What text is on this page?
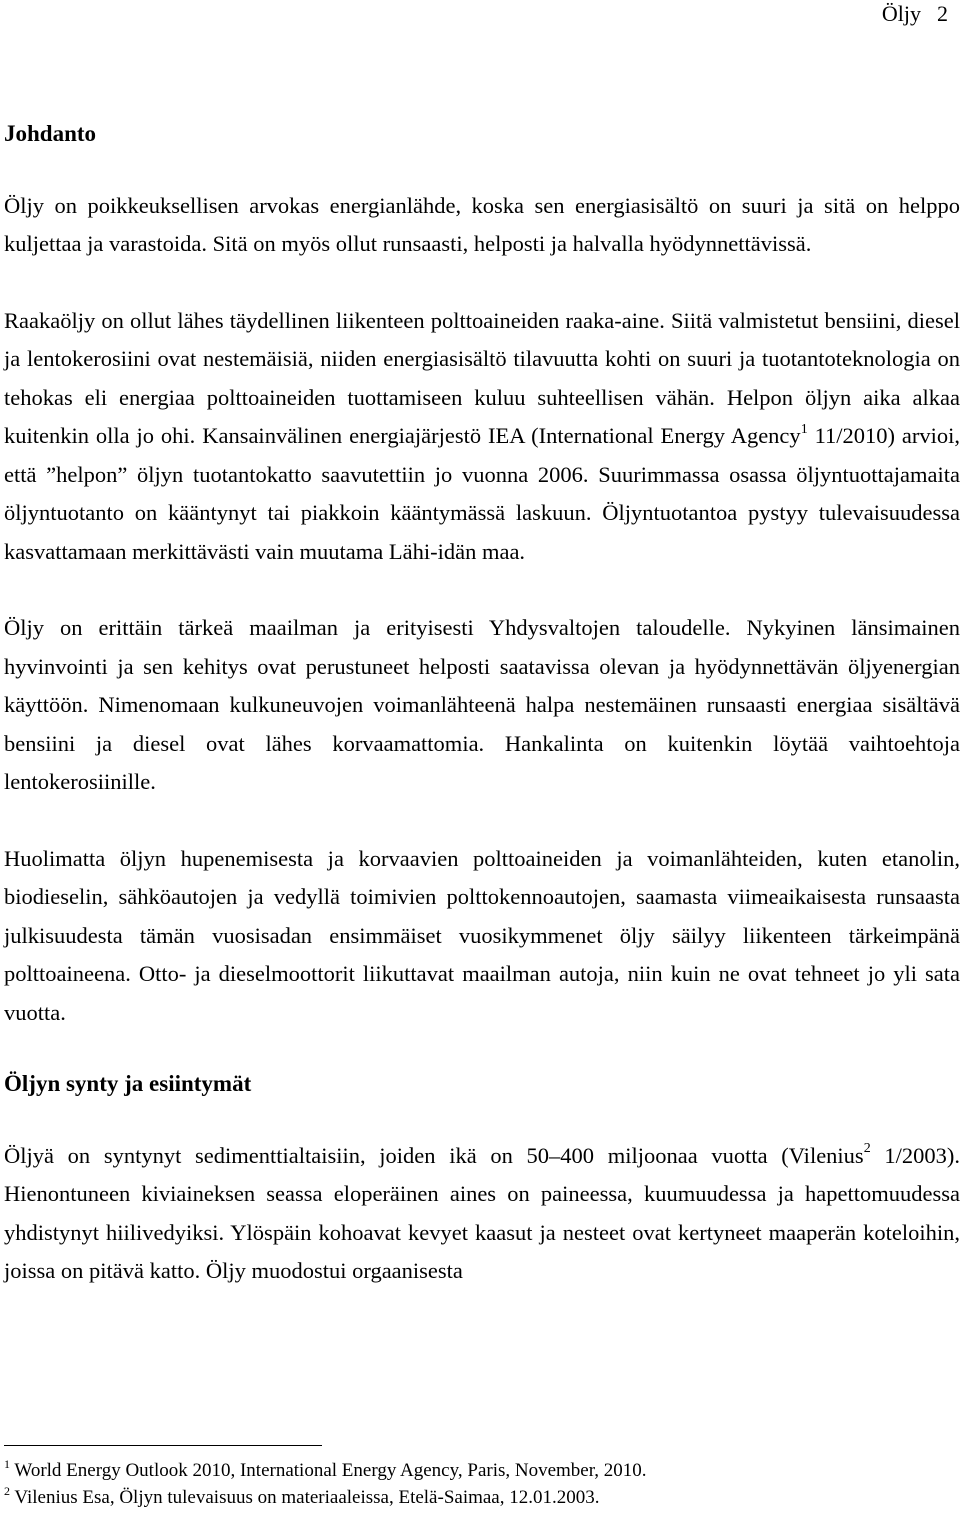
Öljy 2
Johdanto

Öljy on poikkeuksellisen arvokas energianlähde, koska sen energiasisältö on suuri ja sitä on helppo kuljettaa ja varastoida. Sitä on myös ollut runsaasti, helposti ja halvalla hyödynnettävissä.

Raakaöljy on ollut lähes täydellinen liikenteen polttoaineiden raaka-aine. Siitä valmistetut bensiini, diesel ja lentokerosiini ovat nestemäisiä, niiden energiasisältö tilavuutta kohti on suuri ja tuotantoteknologia on tehokas eli energiaa polttoaineiden tuottamiseen kuluu suhteellisen vähän. Helpon öljyn aika alkaa kuitenkin olla jo ohi. Kansainvälinen energiajärjestö IEA (International Energy Agency$^1$ 11/2010) arvioi, että ”helpon” öljyn tuotantokatto saavutettiin jo vuonna 2006. Suurimmassa osassa öljyntuottajamaita öljyntuotanto on kääntynyt tai piakkoin kääntymässä laskuun. Öljyntuotantoa pystyy tulevaisuudessa kasvattamaan merkittävästi vain muutama Lähi-idän maa.

Öljy on erittäin tärkeä maailman ja erityisesti Yhdysvaltojen taloudelle. Nykyinen länsimainen hyvinvointi ja sen kehitys ovat perustuneet helposti saatavissa olevan ja hyödynnettävän öljyenergian käyttöön. Nimenomaan kulkuneuvojen voimanlähteenä halpa nestemäinen runsaasti energiaa sisältävä bensiini ja diesel ovat lähes korvaamattomia. Hankalinta on kuitenkin löytää vaihtoehtoja lentokerosiinille.

Huolimatta öljyn hupenemisesta ja korvaavien polttoaineiden ja voimanlähteiden, kuten etanolin, biodieselin, sähköautojen ja vedyllä toimivien polttokennoautojen, saamasta viimeaikaisesta runsaasta julkisuudesta tämän vuosisadan ensimmäiset vuosikymmenet öljy säilyy liikenteen tärkeimpänä polttoaineena. Otto- ja dieselmoottorit liikuttavat maailman autoja, niin kuin ne ovat tehneet jo yli sata vuotta.

Öljyn synty ja esiintymät

Öljyä on syntynyt sedimenttialtaisiin, joiden ikä on 50–400 miljoonaa vuotta (Vilenius$^2$ 1/2003). Hienontuneen kiviaineksen seassa eloperäinen aines on paineessa, kuumuudessa ja hapettomuudessa yhdistynyt hiilivedyiksi. Ylöspäin kohoavat kevyet kaasut ja nesteet ovat kertyneet maaperän koteloihin, joissa on pitävä katto. Öljy muodostui orgaanisesta

$^1$ World Energy Outlook 2010, International Energy Agency, Paris, November, 2010.
$^2$ Vilenius Esa, Öljyn tulevaisuus on materiaaleissa, Etelä-Saimaa, 12.01.2003.
